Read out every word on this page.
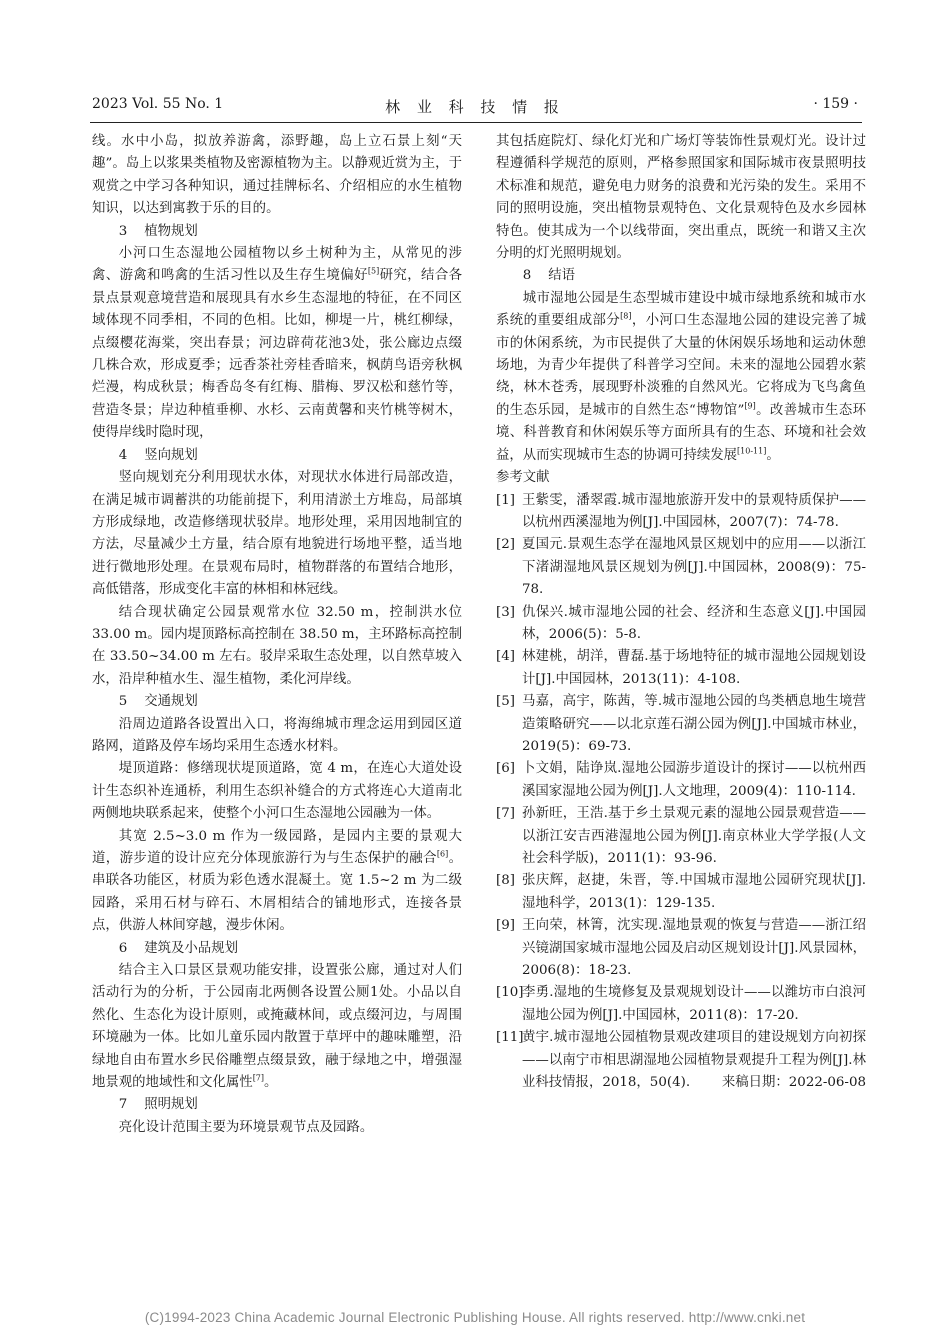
2023 Vol. 55 No. 1	林 业 科 技 情 报	· 159 ·

线。水中小岛，拟放养游禽，添野趣，岛上立石景上刻“天趣”。岛上以浆果类植物及密源植物为主。以静观近赏为主，于观赏之中学习各种知识，通过挂牌标名、介绍相应的水生植物知识，以达到寓教于乐的目的。

3 植物规划

小河口生态湿地公园植物以乡土树种为主，从常见的涉禽、游禽和鸣禽的生活习性以及生存生境偏好[5]研究，结合各景点景观意境营造和展现具有水乡生态湿地的特征，在不同区域体现不同季相，不同的色相。比如，柳堤一片，桃红柳绿，点缀樱花海棠，突出春景；河边辟荷花池3处，张公廊边点缀几株合欢，形成夏季；远香茶社旁桂香暗来，枫荫鸟语旁秋枫烂漫，构成秋景；梅香岛冬有红梅、腊梅、罗汉松和慈竹等，营造冬景；岸边种植垂柳、水杉、云南黄馨和夹竹桃等树木，使得岸线时隐时现，

4 竖向规划

竖向规划充分利用现状水体，对现状水体进行局部改造，在满足城市调蓄洪的功能前提下，利用清淤土方堆岛，局部填方形成绿地，改造修缮现状驳岸。地形处理，采用因地制宜的方法，尽量减少土方量，结合原有地貌进行场地平整，适当地进行微地形处理。在景观布局时，植物群落的布置结合地形，高低错落，形成变化丰富的林相和林冠线。

结合现状确定公园景观常水位 32.50 m，控制洪水位 33.00 m。园内堤顶路标高控制在 38.50 m，主环路标高控制在 33.50~34.00 m 左右。驳岸采取生态处理，以自然草坡入水，沿岸种植水生、湿生植物，柔化河岸线。

5 交通规划

沿周边道路各设置出入口，将海绵城市理念运用到园区道路网，道路及停车场均采用生态透水材料。

堤顶道路：修缮现状堤顶道路，宽 4 m，在连心大道处设计生态织补连通桥，利用生态织补缝合的方式将连心大道南北两侧地块联系起来，使整个小河口生态湿地公园融为一体。

其宽 2.5~3.0 m 作为一级园路，是园内主要的景观大道，游步道的设计应充分体现旅游行为与生态保护的融合[6]。串联各功能区，材质为彩色透水混凝土。宽 1.5~2 m 为二级园路，采用石材与碎石、木屑相结合的铺地形式，连接各景点，供游人林间穿越，漫步休闲。

6 建筑及小品规划

结合主入口景区景观功能安排，设置张公廊，通过对人们活动行为的分析，于公园南北两侧各设置公厕1处。小品以自然化、生态化为设计原则，或掩藏林间，或点缀河边，与周围环境融为一体。比如儿童乐园内散置于草坪中的趣味雕塑，沿绿地自由布置水乡民俗雕塑点缀景致，融于绿地之中，增强湿地景观的地域性和文化属性[7]。

7 照明规划

亮化设计范围主要为环境景观节点及园路。

其包括庭院灯、绿化灯光和广场灯等装饰性景观灯光。设计过程遵循科学规范的原则，严格参照国家和国际城市夜景照明技术标准和规范，避免电力财务的浪费和光污染的发生。采用不同的照明设施，突出植物景观特色、文化景观特色及水乡园林特色。使其成为一个以线带面，突出重点，既统一和谐又主次分明的灯光照明规划。

8 结语

城市湿地公园是生态型城市建设中城市绿地系统和城市水系统的重要组成部分[8]，小河口生态湿地公园的建设完善了城市的休闲系统，为市民提供了大量的休闲娱乐场地和运动休憩场地，为青少年提供了科普学习空间。未来的湿地公园碧水萦绕，林木苍秀，展现野朴淡雅的自然风光。它将成为飞鸟禽鱼的生态乐园，是城市的自然生态“博物馆”[9]。改善城市生态环境、科普教育和休闲娱乐等方面所具有的生态、环境和社会效益，从而实现城市生态的协调可持续发展[10-11]。

参考文献

[1] 王紫雯，潘翠霞.城市湿地旅游开发中的景观特质保护——以杭州西溪湿地为例[J].中国园林，2007(7)：74-78.
[2] 夏国元.景观生态学在湿地风景区规划中的应用——以浙江下渚湖湿地风景区规划为例[J].中国园林，2008(9)：75-78.
[3] 仇保兴.城市湿地公园的社会、经济和生态意义[J].中国园林，2006(5)：5-8.
[4] 林建桃，胡洋，曹磊.基于场地特征的城市湿地公园规划设计[J].中国园林，2013(11)：4-108.
[5] 马嘉，高宇，陈茜，等.城市湿地公园的鸟类栖息地生境营造策略研究——以北京莲石湖公园为例[J].中国城市林业，2019(5)：69-73.
[6] 卜文娟，陆诤岚.湿地公园游步道设计的探讨——以杭州西溪国家湿地公园为例[J].人文地理，2009(4)：110-114.
[7] 孙新旺，王浩.基于乡土景观元素的湿地公园景观营造——以浙江安吉西港湿地公园为例[J].南京林业大学学报(人文社会科学版)，2011(1)：93-96.
[8] 张庆辉，赵捷，朱晋，等.中国城市湿地公园研究现状[J].湿地科学，2013(1)：129-135.
[9] 王向荣，林箐，沈实现.湿地景观的恢复与营造——浙江绍兴镜湖国家城市湿地公园及启动区规划设计[J].风景园林，2006(8)：18-23.
[10]
李勇.湿地的生境修复及景观规划设计——以潍坊市白浪河湿地公园为例[J].中国园林，2011(8)：17-20.
[11]
黄宇.城市湿地公园植物景观改建项目的建设规划方向初探——以南宁市相思湖湿地公园植物景观提升工程为例[J].林业科技情报，2018，50(4). 来稿日期：2022-06-08
(C)1994-2023 China Academic Journal Electronic Publishing House. All rights reserved. http://www.cnki.net
